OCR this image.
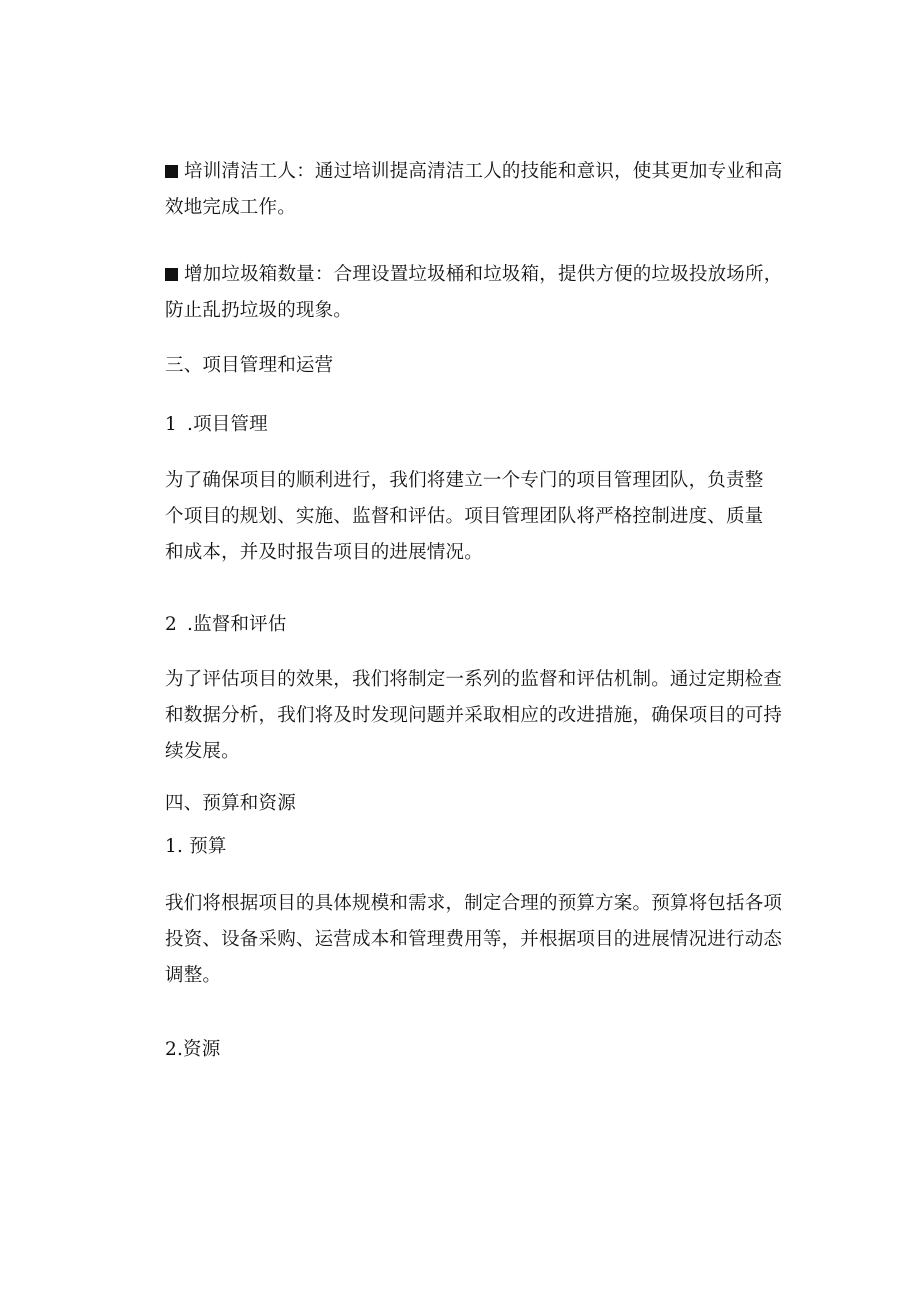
培训清洁工人：通过培训提高清洁工人的技能和意识，使其更加专业和高效地完成工作。

增加垃圾箱数量：合理设置垃圾桶和垃圾箱，提供方便的垃圾投放场所，防止乱扔垃圾的现象。

三、项目管理和运营

1 .项目管理

为了确保项目的顺利进行，我们将建立一个专门的项目管理团队，负责整个项目的规划、实施、监督和评估。项目管理团队将严格控制进度、质量和成本，并及时报告项目的进展情况。

2 .监督和评估

为了评估项目的效果，我们将制定一系列的监督和评估机制。通过定期检查和数据分析，我们将及时发现问题并采取相应的改进措施，确保项目的可持续发展。

四、预算和资源

1. 预算

我们将根据项目的具体规模和需求，制定合理的预算方案。预算将包括各项投资、设备采购、运营成本和管理费用等，并根据项目的进展情况进行动态调整。

2.资源
